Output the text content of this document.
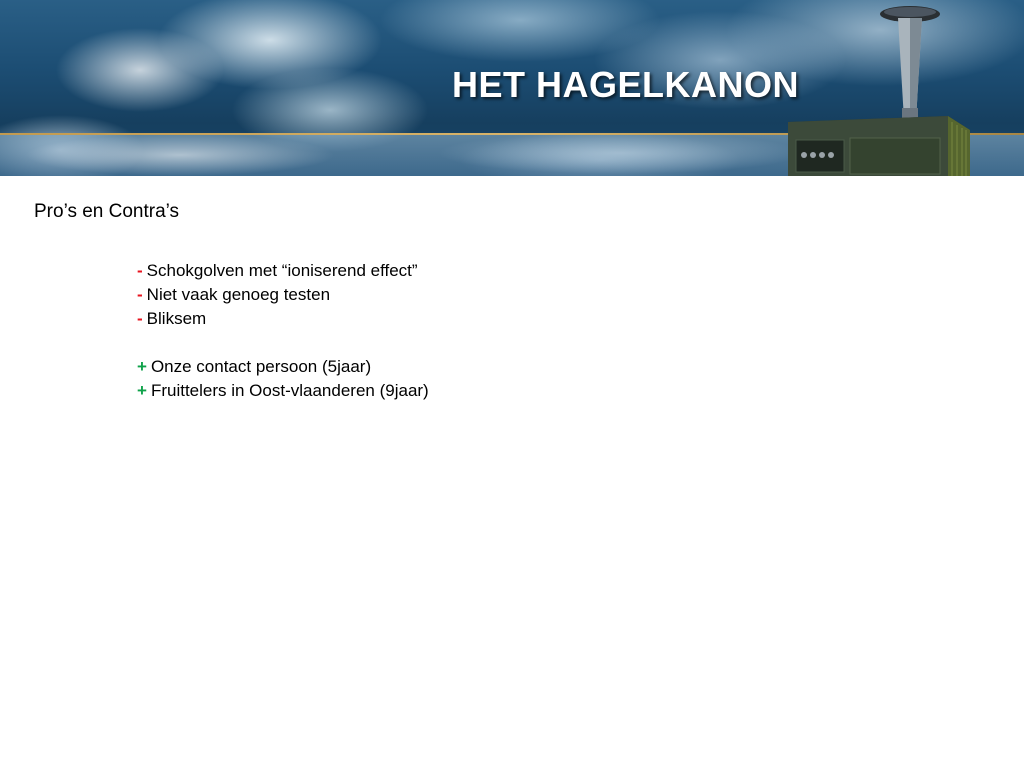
HET HAGELKANON
Pro’s en Contra’s
- Schokgolven met “ioniserend effect”
- Niet vaak genoeg testen
- Bliksem
+ Onze contact persoon (5jaar)
+ Fruittelers in Oost-vlaanderen (9jaar)
